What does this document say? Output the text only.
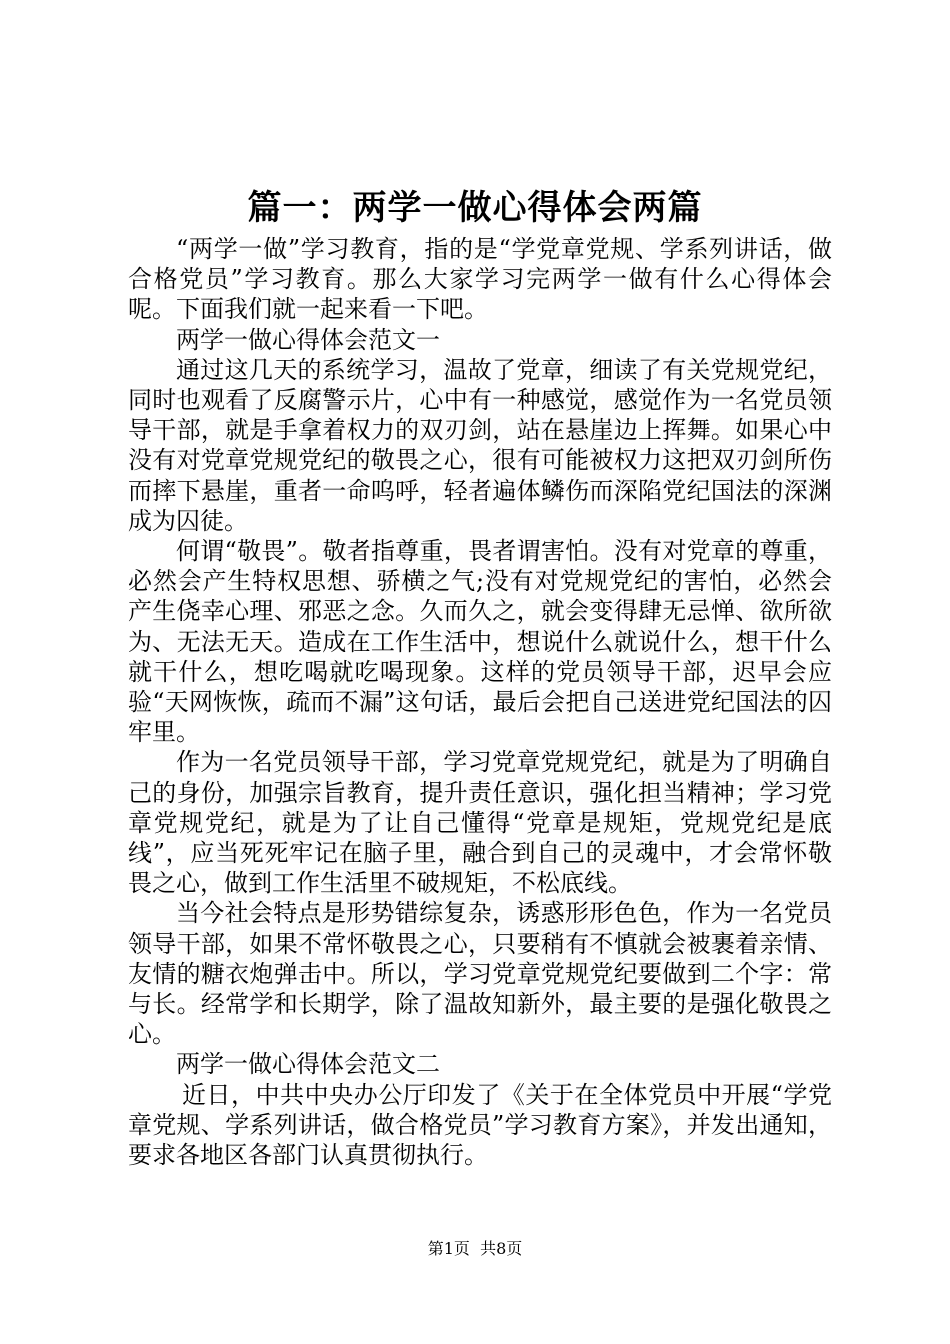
篇一：两学一做心得体会两篇

“两学一做”学习教育，指的是“学党章党规、学系列讲话，做合格党员”学习教育。那么大家学习完两学一做有什么心得体会呢。下面我们就一起来看一下吧。

两学一做心得体会范文一

通过这几天的系统学习，温故了党章，细读了有关党规党纪，同时也观看了反腐警示片，心中有一种感觉，感觉作为一名党员领导干部，就是手拿着权力的双刃剑，站在悬崖边上挥舞。如果心中没有对党章党规党纪的敬畏之心，很有可能被权力这把双刃剑所伤而摔下悬崖，重者一命呜呼，轻者遍体鳞伤而深陷党纪国法的深渊成为囚徒。

何谓“敬畏”。敬者指尊重，畏者谓害怕。没有对党章的尊重，必然会产生特权思想、骄横之气;没有对党规党纪的害怕，必然会产生侥幸心理、邪恶之念。久而久之，就会变得肆无忌惮、欲所欲为、无法无天。造成在工作生活中，想说什么就说什么，想干什么就干什么，想吃喝就吃喝现象。这样的党员领导干部，迟早会应验“天网恢恢，疏而不漏”这句话，最后会把自己送进党纪国法的囚牢里。

作为一名党员领导干部，学习党章党规党纪，就是为了明确自己的身份，加强宗旨教育，提升责任意识，强化担当精神；学习党章党规党纪，就是为了让自己懂得“党章是规矩，党规党纪是底线”，应当死死牢记在脑子里，融合到自己的灵魂中，才会常怀敬畏之心，做到工作生活里不破规矩，不松底线。

当今社会特点是形势错综复杂，诱惑形形色色，作为一名党员领导干部，如果不常怀敬畏之心，只要稍有不慎就会被裹着亲情、友情的糖衣炮弹击中。所以，学习党章党规党纪要做到二个字：常与长。经常学和长期学，除了温故知新外，最主要的是强化敬畏之心。

两学一做心得体会范文二

近日，中共中央办公厅印发了《关于在全体党员中开展“学党章党规、学系列讲话，做合格党员”学习教育方案》，并发出通知，要求各地区各部门认真贯彻执行。

第1页 共8页
